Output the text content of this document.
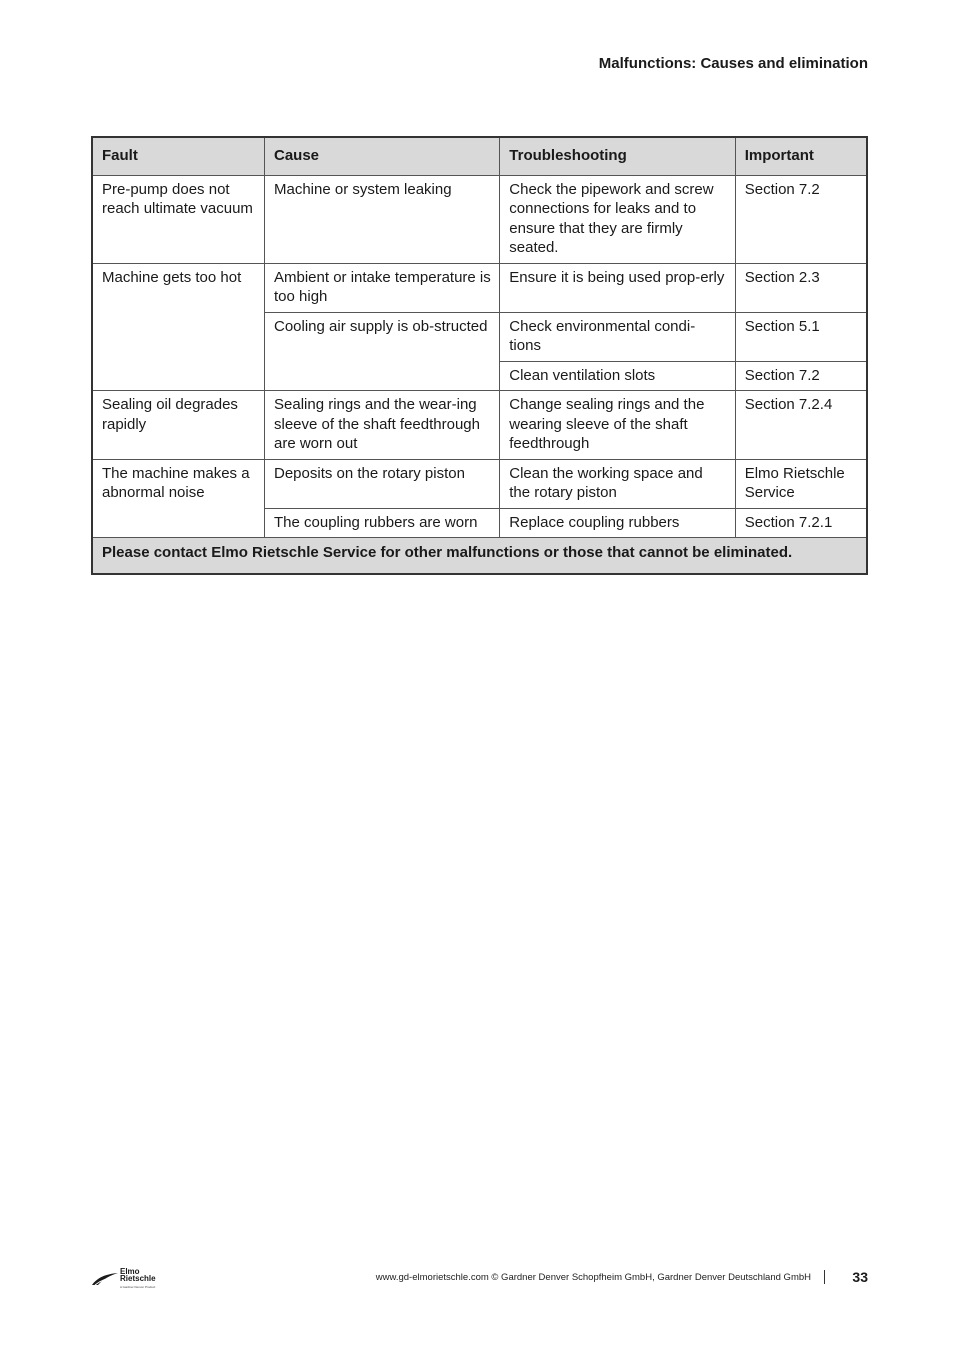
Malfunctions: Causes and elimination
Fault	Cause	Troubleshooting	Important
Pre-pump does not reach ultimate vacuum	Machine or system leaking	Check the pipework and screw connections for leaks and to ensure that they are firmly seated.	Section 7.2
Machine gets too hot	Ambient or intake temperature is too high	Ensure it is being used prop-erly	Section 2.3
	Cooling air supply is ob-structed	Check environmental condi-tions	Section 5.1
		Clean ventilation slots	Section 7.2
Sealing oil degrades rapidly	Sealing rings and the wear-ing sleeve of the shaft feedthrough are worn out	Change sealing rings and the wearing sleeve of the shaft feedthrough	Section 7.2.4
The machine makes a abnormal noise	Deposits on the rotary piston	Clean the working space and the rotary piston	Elmo Rietschle Service
	The coupling rubbers are worn	Replace coupling rubbers	Section 7.2.1
Please contact Elmo Rietschle Service for other malfunctions or those that cannot be eliminated.			
Elmo
Rietschle
A Gardner Denver Product
www.gd-elmorietschle.com © Gardner Denver Schopfheim GmbH, Gardner Denver Deutschland GmbH	33
